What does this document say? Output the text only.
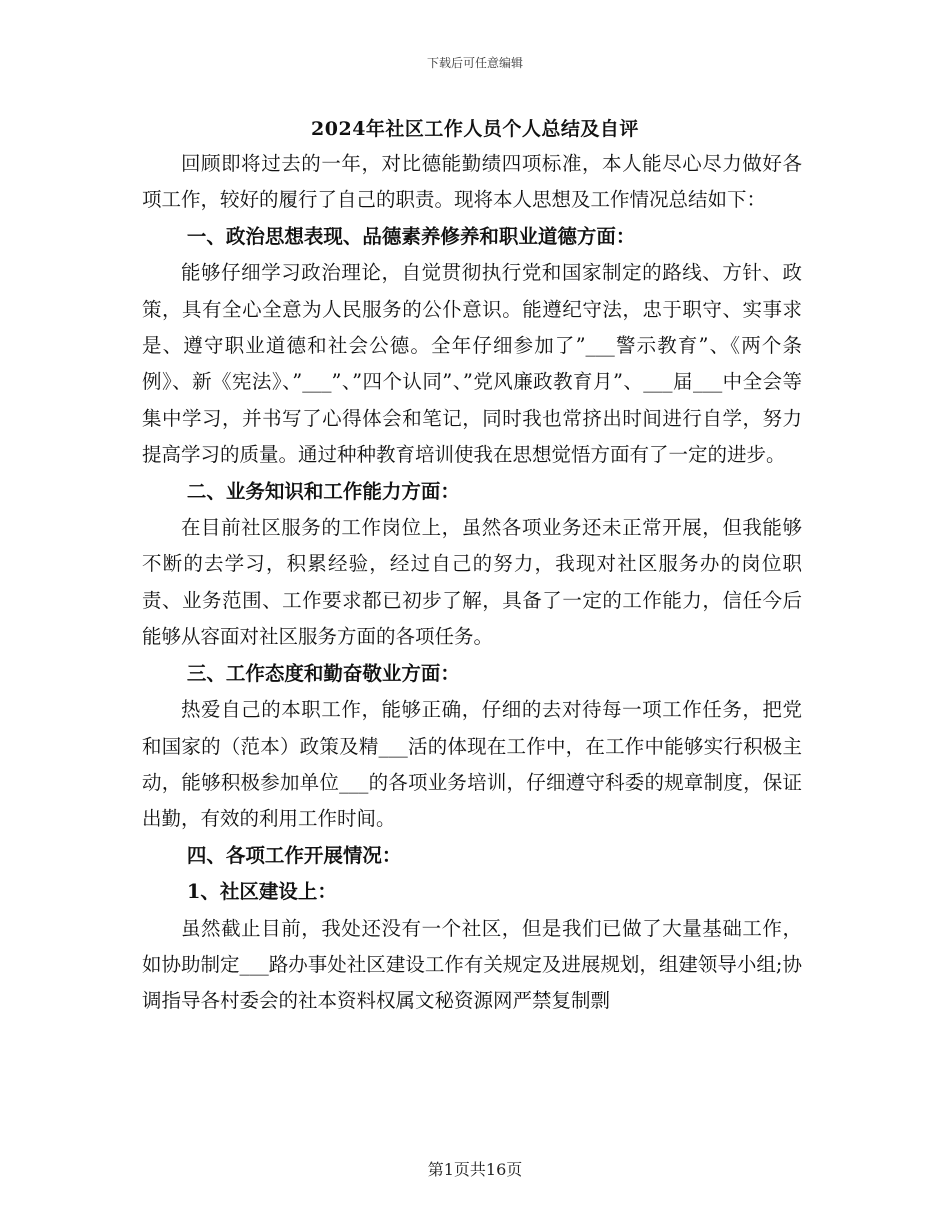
下载后可任意编辑
2024年社区工作人员个人总结及自评

回顾即将过去的一年，对比德能勤绩四项标准，本人能尽心尽力做好各项工作，较好的履行了自己的职责。现将本人思想及工作情况总结如下：

一、政治思想表现、品德素养修养和职业道德方面：

能够仔细学习政治理论，自觉贯彻执行党和国家制定的路线、方针、政策，具有全心全意为人民服务的公仆意识。能遵纪守法，忠于职守、实事求是、遵守职业道德和社会公德。全年仔细参加了”___警示教育”、《两个条例》、新《宪法》、”___”、”四个认同”、”党风廉政教育月”、___届___中全会等集中学习，并书写了心得体会和笔记，同时我也常挤出时间进行自学，努力提高学习的质量。通过种种教育培训使我在思想觉悟方面有了一定的进步。

二、业务知识和工作能力方面：

在目前社区服务的工作岗位上，虽然各项业务还未正常开展，但我能够不断的去学习，积累经验，经过自己的努力，我现对社区服务办的岗位职责、业务范围、工作要求都已初步了解，具备了一定的工作能力，信任今后能够从容面对社区服务方面的各项任务。

三、工作态度和勤奋敬业方面：

热爱自己的本职工作，能够正确，仔细的去对待每一项工作任务，把党和国家的（范本）政策及精___活的体现在工作中，在工作中能够实行积极主动，能够积极参加单位___的各项业务培训，仔细遵守科委的规章制度，保证出勤，有效的利用工作时间。

四、各项工作开展情况：

1、社区建设上：

虽然截止目前，我处还没有一个社区，但是我们已做了大量基础工作，如协助制定___路办事处社区建设工作有关规定及进展规划，组建领导小组;协调指导各村委会的社本资料权属文秘资源网严禁复制剽

第1页共16页
